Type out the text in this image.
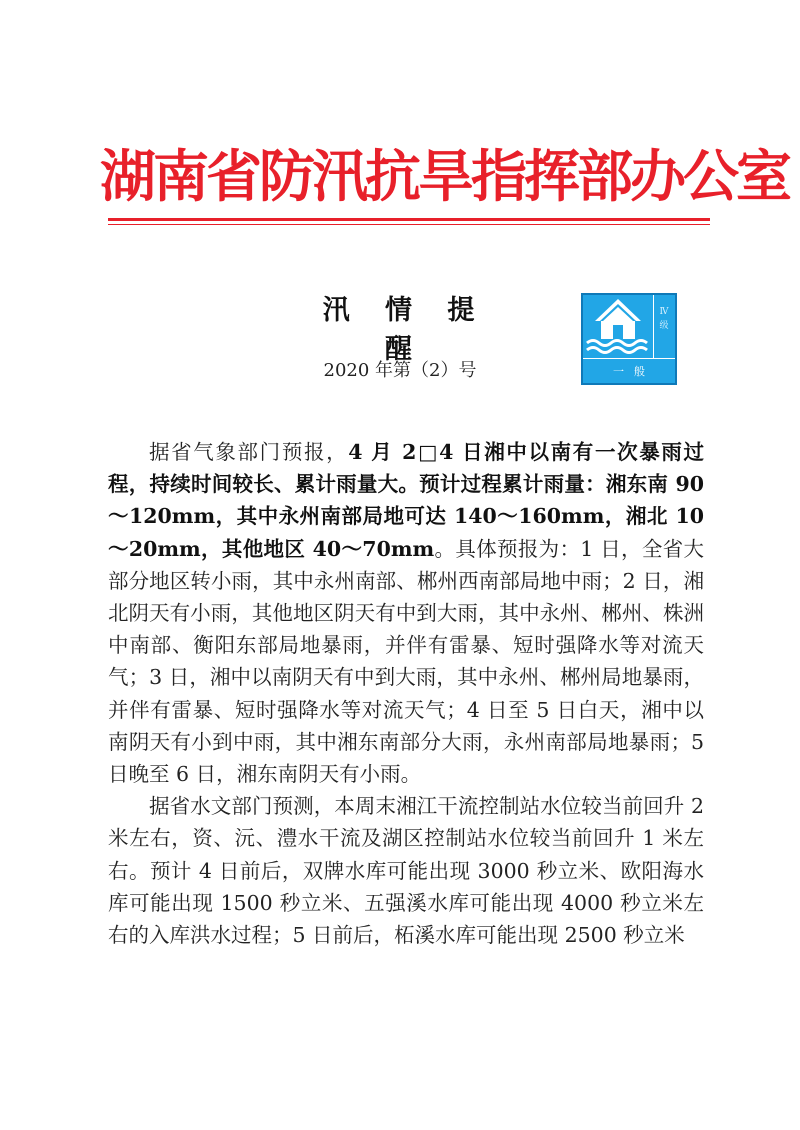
湖南省防汛抗旱指挥部办公室
汛 情 提 醒
2020 年第（2）号
Ⅳ
级
一般

据省气象部门预报，4 月 2□4 日湘中以南有一次暴雨过程，持续时间较长、累计雨量大。预计过程累计雨量：湘东南 90～120mm，其中永州南部局地可达 140～160mm，湘北 10～20mm，其他地区 40～70mm。具体预报为：1 日，全省大部分地区转小雨，其中永州南部、郴州西南部局地中雨；2 日，湘北阴天有小雨，其他地区阴天有中到大雨，其中永州、郴州、株洲中南部、衡阳东部局地暴雨，并伴有雷暴、短时强降水等对流天气；3 日，湘中以南阴天有中到大雨，其中永州、郴州局地暴雨，并伴有雷暴、短时强降水等对流天气；4 日至 5 日白天，湘中以南阴天有小到中雨，其中湘东南部分大雨，永州南部局地暴雨；5 日晚至 6 日，湘东南阴天有小雨。

据省水文部门预测，本周末湘江干流控制站水位较当前回升 2 米左右，资、沅、澧水干流及湖区控制站水位较当前回升 1 米左右。预计 4 日前后，双牌水库可能出现 3000 秒立米、欧阳海水库可能出现 1500 秒立米、五强溪水库可能出现 4000 秒立米左右的入库洪水过程；5 日前后，柘溪水库可能出现 2500 秒立米
